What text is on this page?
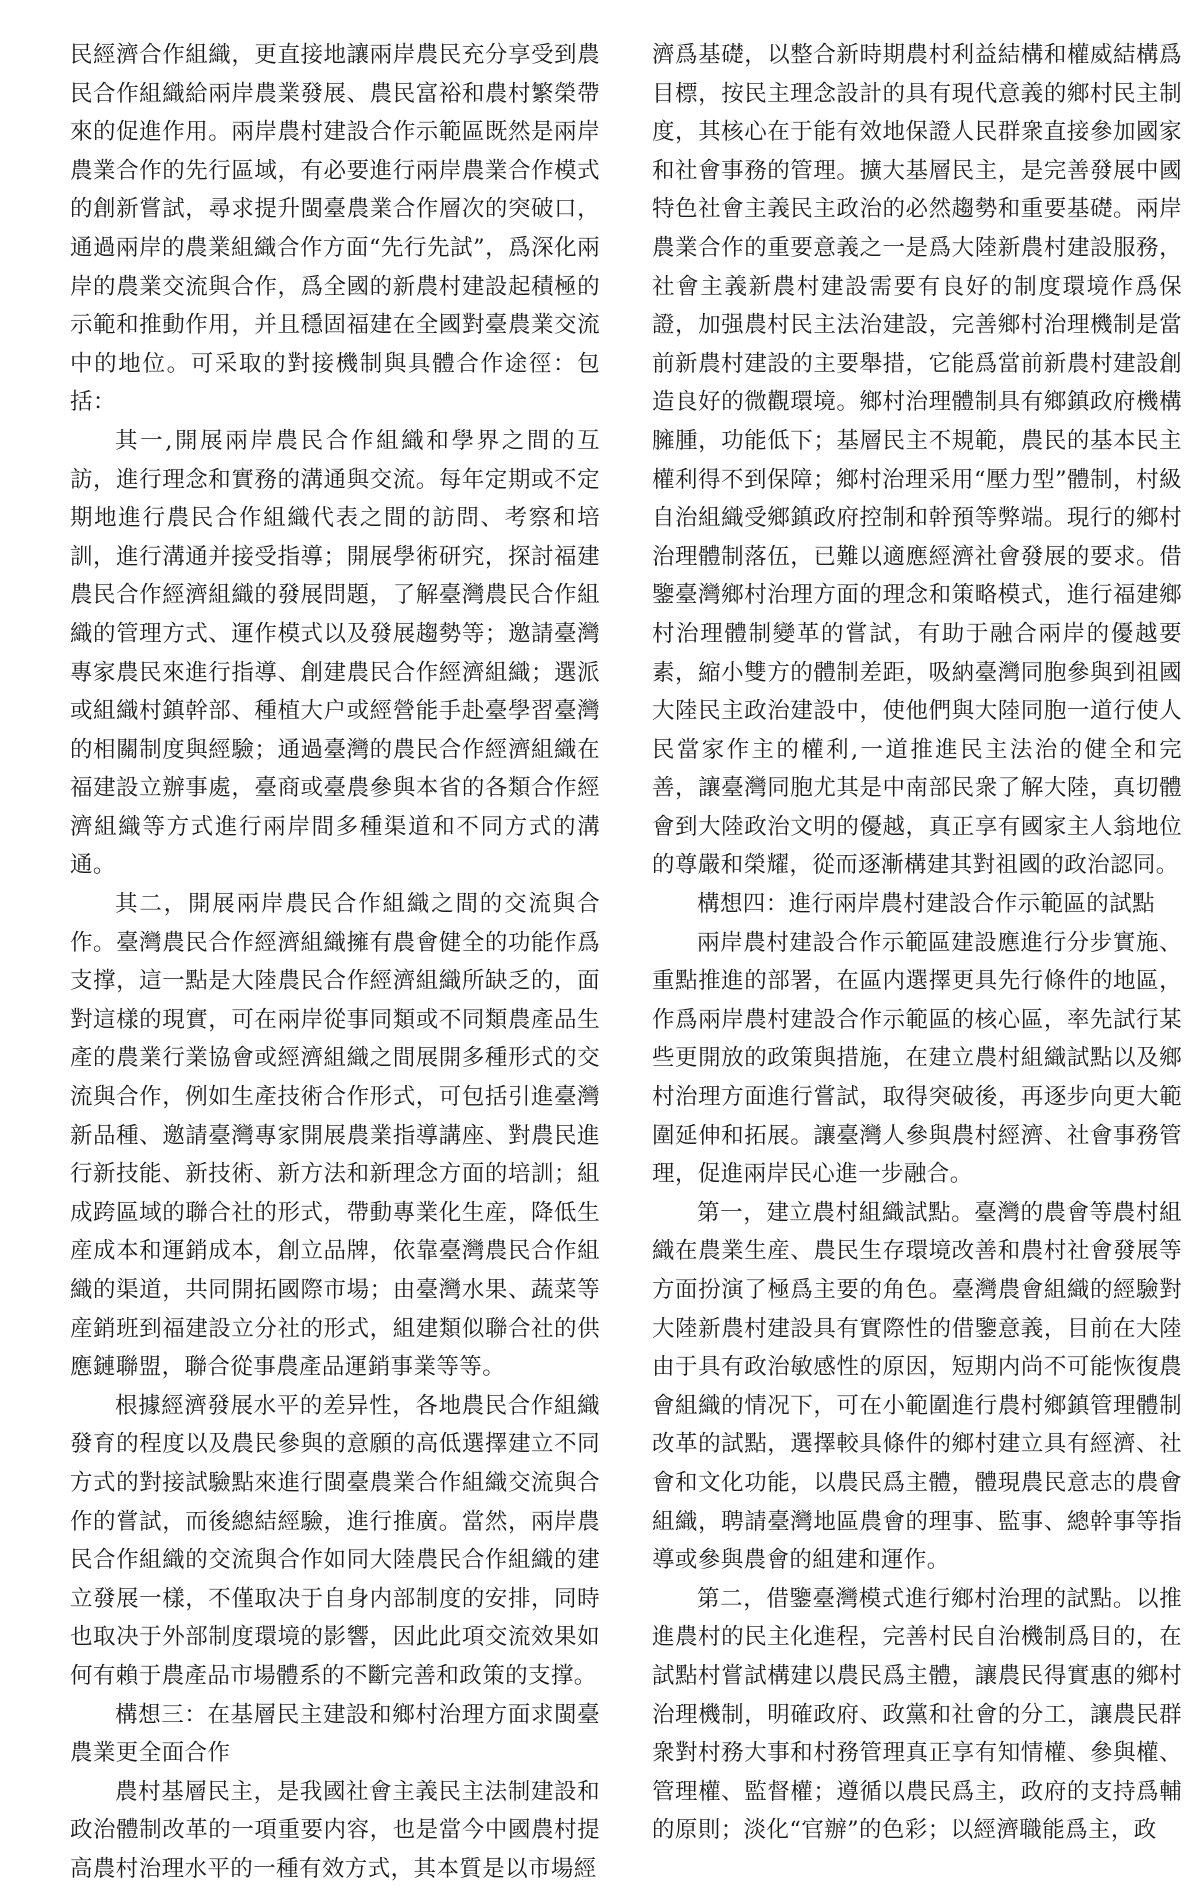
民經濟合作組織，更直接地讓兩岸農民充分享受到農民合作組織給兩岸農業發展、農民富裕和農村繁榮帶來的促進作用。兩岸農村建設合作示範區既然是兩岸農業合作的先行區域，有必要進行兩岸農業合作模式的創新嘗試，尋求提升閩臺農業合作層次的突破口，通過兩岸的農業組織合作方面“先行先試”，爲深化兩岸的農業交流與合作，爲全國的新農村建設起積極的示範和推動作用，并且穩固福建在全國對臺農業交流中的地位。可采取的對接機制與具體合作途徑：包括：

其一,開展兩岸農民合作組織和學界之間的互訪，進行理念和實務的溝通與交流。每年定期或不定期地進行農民合作組織代表之間的訪問、考察和培訓，進行溝通并接受指導；開展學術研究，探討福建農民合作經濟組織的發展問題，了解臺灣農民合作組織的管理方式、運作模式以及發展趨勢等；邀請臺灣專家農民來進行指導、創建農民合作經濟組織；選派或組織村鎮幹部、種植大户或經營能手赴臺學習臺灣的相關制度與經驗；通過臺灣的農民合作經濟組織在福建設立辦事處，臺商或臺農參與本省的各類合作經濟組織等方式進行兩岸間多種渠道和不同方式的溝通。

其二，開展兩岸農民合作組織之間的交流與合作。臺灣農民合作經濟組織擁有農會健全的功能作爲支撑，這一點是大陸農民合作經濟組織所缺乏的，面對這樣的現實，可在兩岸從事同類或不同類農產品生產的農業行業協會或經濟組織之間展開多種形式的交流與合作，例如生產技術合作形式，可包括引進臺灣新品種、邀請臺灣專家開展農業指導講座、對農民進行新技能、新技術、新方法和新理念方面的培訓；組成跨區域的聯合社的形式，帶動專業化生産，降低生産成本和運銷成本，創立品牌，依靠臺灣農民合作組織的渠道，共同開拓國際市場；由臺灣水果、蔬菜等産銷班到福建設立分社的形式，組建類似聯合社的供應鏈聯盟，聯合從事農產品運銷事業等等。

根據經濟發展水平的差异性，各地農民合作組織發育的程度以及農民參與的意願的高低選擇建立不同方式的對接試驗點來進行閩臺農業合作組織交流與合作的嘗試，而後總結經驗，進行推廣。當然，兩岸農民合作組織的交流與合作如同大陸農民合作組織的建立發展一樣，不僅取决于自身内部制度的安排，同時也取决于外部制度環境的影響，因此此項交流效果如何有賴于農產品市場體系的不斷完善和政策的支撑。

構想三：在基層民主建設和鄉村治理方面求閩臺農業更全面合作

農村基層民主，是我國社會主義民主法制建設和政治體制改革的一項重要内容，也是當今中國農村提高農村治理水平的一種有效方式，其本質是以市場經

濟爲基礎，以整合新時期農村利益結構和權威結構爲目標，按民主理念設計的具有現代意義的鄉村民主制度，其核心在于能有效地保證人民群衆直接參加國家和社會事務的管理。擴大基層民主，是完善發展中國特色社會主義民主政治的必然趨勢和重要基礎。兩岸農業合作的重要意義之一是爲大陸新農村建設服務，社會主義新農村建設需要有良好的制度環境作爲保證，加强農村民主法治建設，完善鄉村治理機制是當前新農村建設的主要舉措，它能爲當前新農村建設創造良好的微觀環境。鄉村治理體制具有鄉鎮政府機構臃腫，功能低下；基層民主不規範，農民的基本民主權利得不到保障；鄉村治理采用“壓力型”體制，村級自治組織受鄉鎮政府控制和幹預等弊端。現行的鄉村治理體制落伍，已難以適應經濟社會發展的要求。借鑒臺灣鄉村治理方面的理念和策略模式，進行福建鄉村治理體制變革的嘗試，有助于融合兩岸的優越要素，縮小雙方的體制差距，吸納臺灣同胞參與到祖國大陸民主政治建設中，使他們與大陸同胞一道行使人民當家作主的權利,一道推進民主法治的健全和完善，讓臺灣同胞尤其是中南部民衆了解大陸，真切體會到大陸政治文明的優越，真正享有國家主人翁地位的尊嚴和榮耀，從而逐漸構建其對祖國的政治認同。

構想四：進行兩岸農村建設合作示範區的試點

兩岸農村建設合作示範區建設應進行分步實施、重點推進的部署，在區内選擇更具先行條件的地區，作爲兩岸農村建設合作示範區的核心區，率先試行某些更開放的政策與措施，在建立農村組織試點以及鄉村治理方面進行嘗試，取得突破後，再逐步向更大範圍延伸和拓展。讓臺灣人參與農村經濟、社會事務管理，促進兩岸民心進一步融合。

第一，建立農村組織試點。臺灣的農會等農村組織在農業生産、農民生存環境改善和農村社會發展等方面扮演了極爲主要的角色。臺灣農會組織的經驗對大陸新農村建設具有實際性的借鑒意義，目前在大陸由于具有政治敏感性的原因，短期内尚不可能恢復農會組織的情况下，可在小範圍進行農村鄉鎮管理體制改革的試點，選擇較具條件的鄉村建立具有經濟、社會和文化功能，以農民爲主體，體現農民意志的農會組織，聘請臺灣地區農會的理事、監事、總幹事等指導或參與農會的組建和運作。

第二，借鑒臺灣模式進行鄉村治理的試點。以推進農村的民主化進程，完善村民自治機制爲目的，在試點村嘗試構建以農民爲主體，讓農民得實惠的鄉村治理機制，明確政府、政黨和社會的分工，讓農民群衆對村務大事和村務管理真正享有知情權、參與權、管理權、監督權；遵循以農民爲主，政府的支持爲輔的原則；淡化“官辦”的色彩；以經濟職能爲主，政
